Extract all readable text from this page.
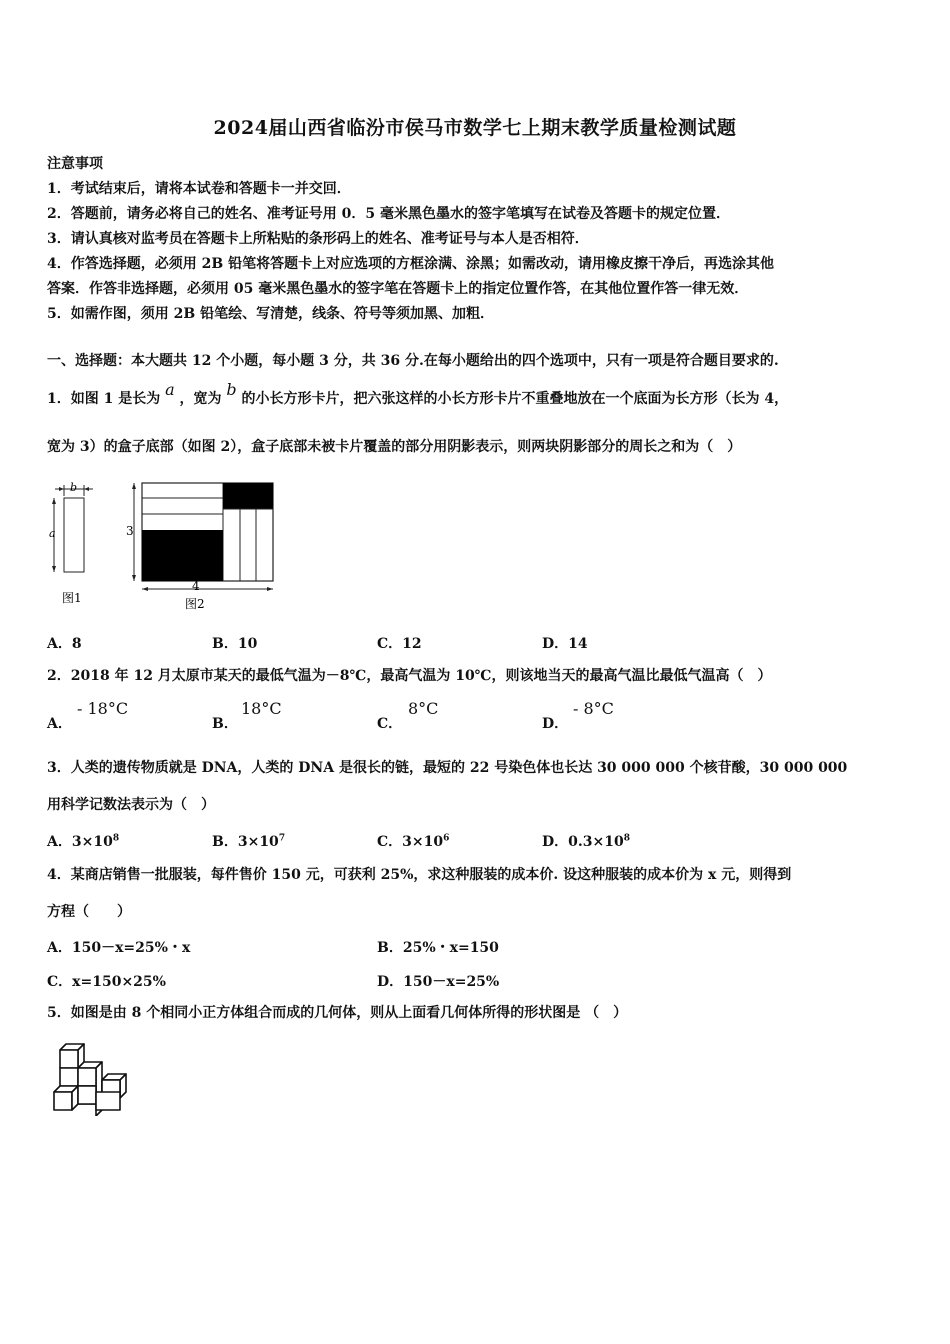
2024届山西省临汾市侯马市数学七上期末教学质量检测试题
注意事项
1．考试结束后，请将本试卷和答题卡一并交回．
2．答题前，请务必将自己的姓名、准考证号用 0．5 毫米黑色墨水的签字笔填写在试卷及答题卡的规定位置．
3．请认真核对监考员在答题卡上所粘贴的条形码上的姓名、准考证号与本人是否相符．
4．作答选择题，必须用 2B 铅笔将答题卡上对应选项的方框涂满、涂黑；如需改动，请用橡皮擦干净后，再选涂其他
答案．作答非选择题，必须用 05 毫米黑色墨水的签字笔在答题卡上的指定位置作答，在其他位置作答一律无效．
5．如需作图，须用 2B 铅笔绘、写清楚，线条、符号等须加黑、加粗．
一、选择题：本大题共 12 个小题，每小题 3 分，共 36 分.在每小题给出的四个选项中，只有一项是符合题目要求的.
1．如图 1 是长为 a ，宽为 b 的小长方形卡片，把六张这样的小长方形卡片不重叠地放在一个底面为长方形（长为 4，
宽为 3）的盒子底部（如图 2），盒子底部未被卡片覆盖的部分用阴影表示，则两块阴影部分的周长之和为（　）
b
a
图1
3
4
图2
A．8	B．10	C．12	D．14
2．2018 年 12 月太原市某天的最低气温为－8℃，最高气温为 10℃，则该地当天的最高气温比最低气温高（　）
A．
- 18°C
B．
18°C
C．
8°C
D．
- 8°C
3．人类的遗传物质就是 DNA，人类的 DNA 是很长的链，最短的 22 号染色体也长达 30 000 000 个核苷酸，30 000 000
用科学记数法表示为（　）
A．$3\times 10^8$	B．$3\times 10^7$	C．$3\times 10^6$	D．$0.3\times 10^8$
4．某商店销售一批服装，每件售价 150 元，可获利 25%，求这种服装的成本价. 设这种服装的成本价为 x 元，则得到
方程（　　）
A．150－x=25%・x	B．25%・x=150
C．x=150×25%	D．150－x=25%
5．如图是由 8 个相同小正方体组合而成的几何体，则从上面看几何体所得的形状图是 （　）
